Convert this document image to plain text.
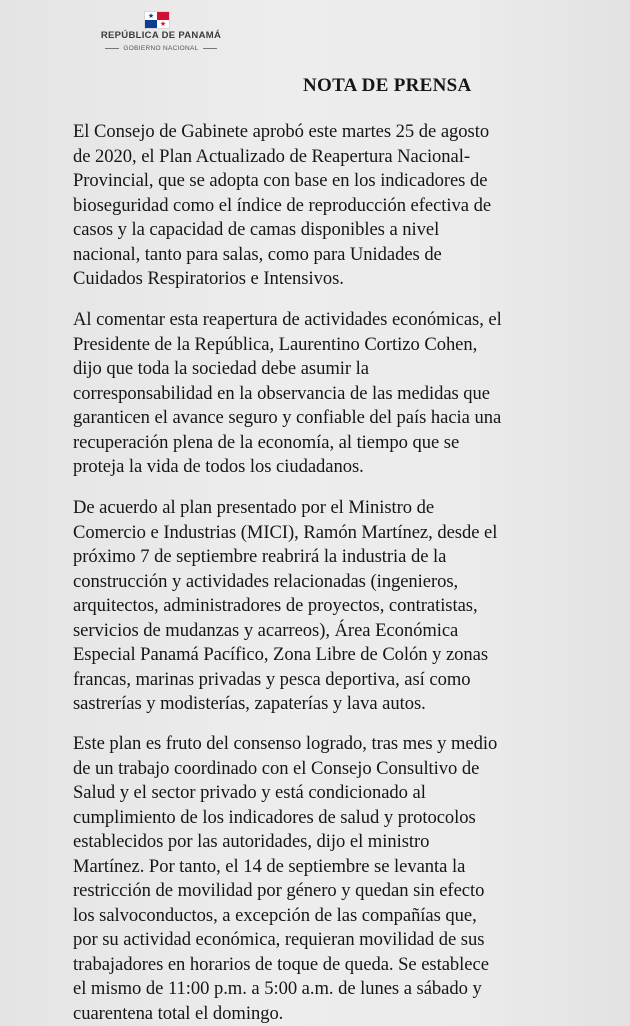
★
★
REPÚBLICA DE PANAMÁ
GOBIERNO NACIONAL
NOTA DE PRENSA

El Consejo de Gabinete aprobó este martes 25 de agosto
de 2020, el Plan Actualizado de Reapertura Nacional-
Provincial, que se adopta con base en los indicadores de
bioseguridad como el índice de reproducción efectiva de
casos y la capacidad de camas disponibles a nivel
nacional, tanto para salas, como para Unidades de
Cuidados Respiratorios e Intensivos.

Al comentar esta reapertura de actividades económicas, el
Presidente de la República, Laurentino Cortizo Cohen,
dijo que toda la sociedad debe asumir la
corresponsabilidad en la observancia de las medidas que
garanticen el avance seguro y confiable del país hacia una
recuperación plena de la economía, al tiempo que se
proteja la vida de todos los ciudadanos.

De acuerdo al plan presentado por el Ministro de
Comercio e Industrias (MICI), Ramón Martínez, desde el
próximo 7 de septiembre reabrirá la industria de la
construcción y actividades relacionadas (ingenieros,
arquitectos, administradores de proyectos, contratistas,
servicios de mudanzas y acarreos), Área Económica
Especial Panamá Pacífico, Zona Libre de Colón y zonas
francas, marinas privadas y pesca deportiva, así como
sastrerías y modisterías, zapaterías y lava autos.

Este plan es fruto del consenso logrado, tras mes y medio
de un trabajo coordinado con el Consejo Consultivo de
Salud y el sector privado y está condicionado al
cumplimiento de los indicadores de salud y protocolos
establecidos por las autoridades, dijo el ministro
Martínez. Por tanto, el 14 de septiembre se levanta la
restricción de movilidad por género y quedan sin efecto
los salvoconductos, a excepción de las compañías que,
por su actividad económica, requieran movilidad de sus
trabajadores en horarios de toque de queda. Se establece
el mismo de 11:00 p.m. a 5:00 a.m. de lunes a sábado y
cuarentena total el domingo.
